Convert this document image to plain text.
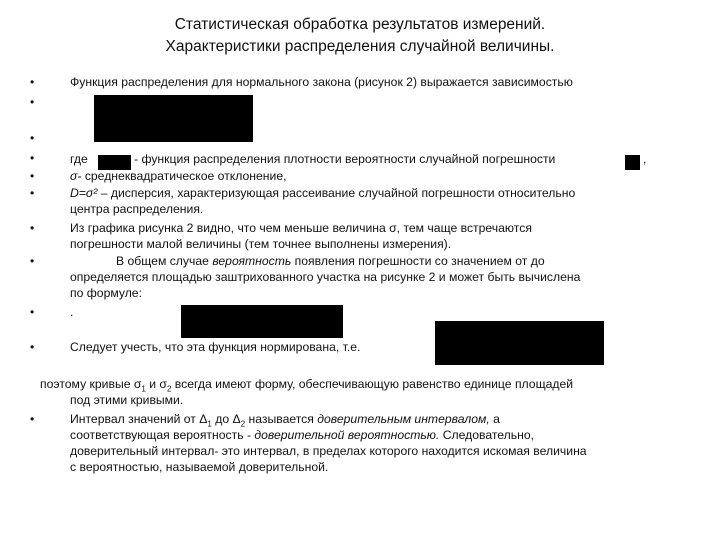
Статистическая обработка результатов измерений.
Характеристики распределения случайной величины.
•
•
•
•
•
•
•
•
•
•
•
Функция распределения для нормального закона (рисунок 2) выражается зависимостью
где	- функция распределения плотности вероятности случайной погрешности	,
σ- среднеквадратическое отклонение,
D=σ² – дисперсия, характеризующая рассеивание случайной погрешности относительно
центра распределения.
Из графика рисунка 2 видно, что чем меньше величина σ, тем чаще встречаются
погрешности малой величины (тем точнее выполнены измерения).
В общем случае вероятность появления погрешности со значением от до
определяется площадью заштрихованного участка на рисунке 2 и может быть вычислена
по формуле:
.
Следует учесть, что эта функция нормирована, т.е.
поэтому кривые $\sigma_1$ и $\sigma_2$ всегда имеют форму, обеспечивающую равенство единице площадей
под этими кривыми.
Интервал значений от $\Delta_1$ до $\Delta_2$ называется доверительным интервалом, а
соответствующая вероятность - доверительной вероятностью. Следовательно,
доверительный интервал- это интервал, в пределах которого находится искомая величина
с вероятностью, называемой доверительной.
